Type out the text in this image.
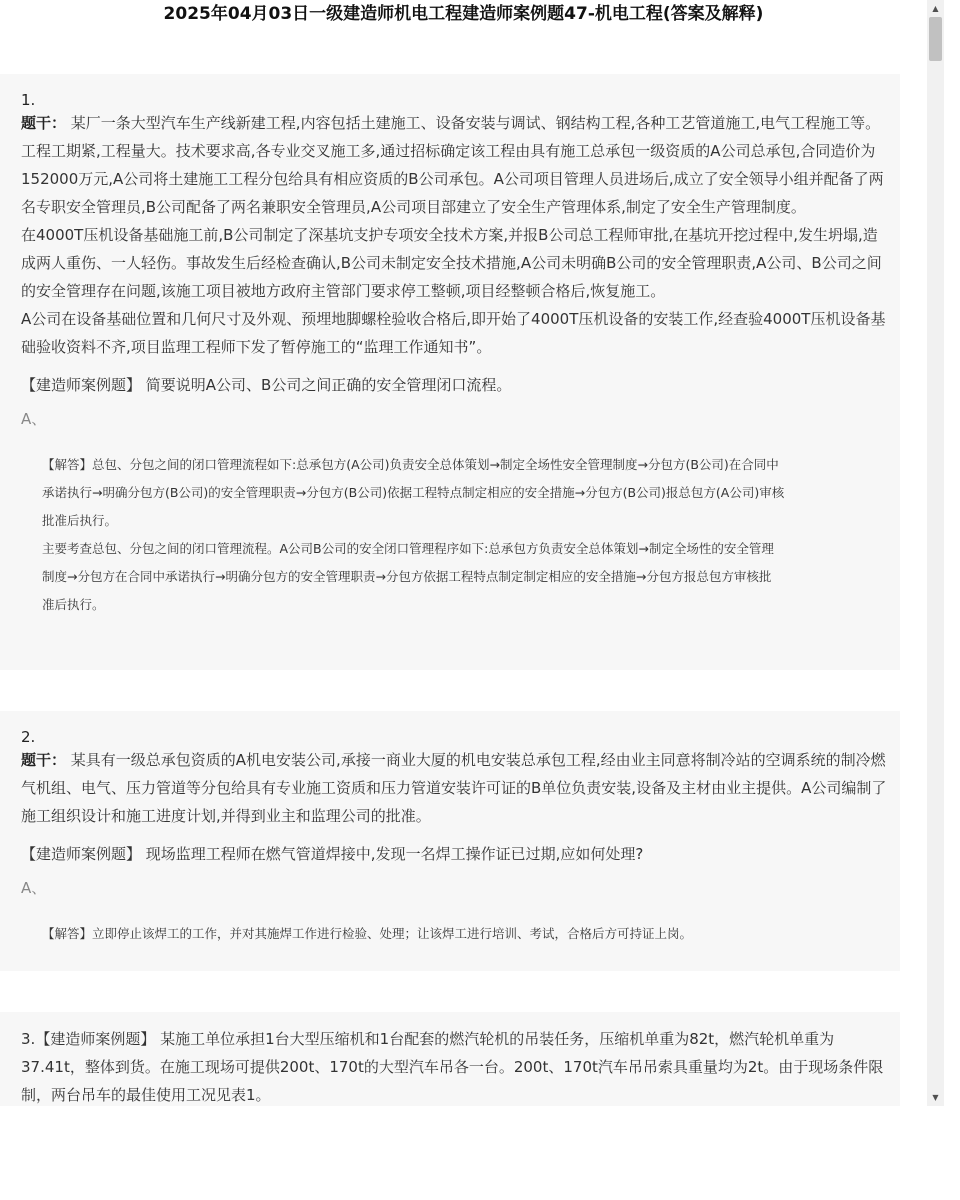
2025年04月03日一级建造师机电工程建造师案例题47-机电工程(答案及解释)
1.

题干： 某厂一条大型汽车生产线新建工程,内容包括土建施工、设备安装与调试、钢结构工程,各种工艺管道施工,电气工程施工等。工程工期紧,工程量大。技术要求高,各专业交叉施工多,通过招标确定该工程由具有施工总承包一级资质的A公司总承包,合同造价为152000万元,A公司将土建施工工程分包给具有相应资质的B公司承包。A公司项目管理人员进场后,成立了安全领导小组并配备了两名专职安全管理员,B公司配备了两名兼职安全管理员,A公司项目部建立了安全生产管理体系,制定了安全生产管理制度。

在4000T压机设备基础施工前,B公司制定了深基坑支护专项安全技术方案,并报B公司总工程师审批,在基坑开挖过程中,发生坍塌,造成两人重伤、一人轻伤。事故发生后经检查确认,B公司未制定安全技术措施,A公司未明确B公司的安全管理职责,A公司、B公司之间的安全管理存在问题,该施工项目被地方政府主管部门要求停工整顿,项目经整顿合格后,恢复施工。

A公司在设备基础位置和几何尺寸及外观、预埋地脚螺栓验收合格后,即开始了4000T压机设备的安装工作,经查验4000T压机设备基础验收资料不齐,项目监理工程师下发了暂停施工的“监理工作通知书”。

【建造师案例题】 简要说明A公司、B公司之间正确的安全管理闭口流程。

A、

【解答】总包、分包之间的闭口管理流程如下:总承包方(A公司)负责安全总体策划→制定全场性安全管理制度→分包方(B公司)在合同中

承诺执行→明确分包方(B公司)的安全管理职责→分包方(B公司)依据工程特点制定相应的安全措施→分包方(B公司)报总包方(A公司)审核

批准后执行。

主要考查总包、分包之间的闭口管理流程。A公司B公司的安全闭口管理程序如下:总承包方负责安全总体策划→制定全场性的安全管理

制度→分包方在合同中承诺执行→明确分包方的安全管理职责→分包方依据工程特点制定制定相应的安全措施→分包方报总包方审核批

准后执行。

2.

题干： 某具有一级总承包资质的A机电安装公司,承接一商业大厦的机电安装总承包工程,经由业主同意将制冷站的空调系统的制冷燃气机组、电气、压力管道等分包给具有专业施工资质和压力管道安装许可证的B单位负责安装,设备及主材由业主提供。A公司编制了施工组织设计和施工进度计划,并得到业主和监理公司的批准。

【建造师案例题】 现场监理工程师在燃气管道焊接中,发现一名焊工操作证已过期,应如何处理?

A、

【解答】立即停止该焊工的工作，并对其施焊工作进行检验、处理；让该焊工进行培训、考试，合格后方可持证上岗。

3.【建造师案例题】 某施工单位承担1台大型压缩机和1台配套的燃汽轮机的吊装任务，压缩机单重为82t，燃汽轮机单重为37.41t，整体到货。在施工现场可提供200t、170t的大型汽车吊各一台。200t、170t汽车吊吊索具重量均为2t。由于现场条件限制，两台吊车的最佳使用工况见表1。

▲
▼
